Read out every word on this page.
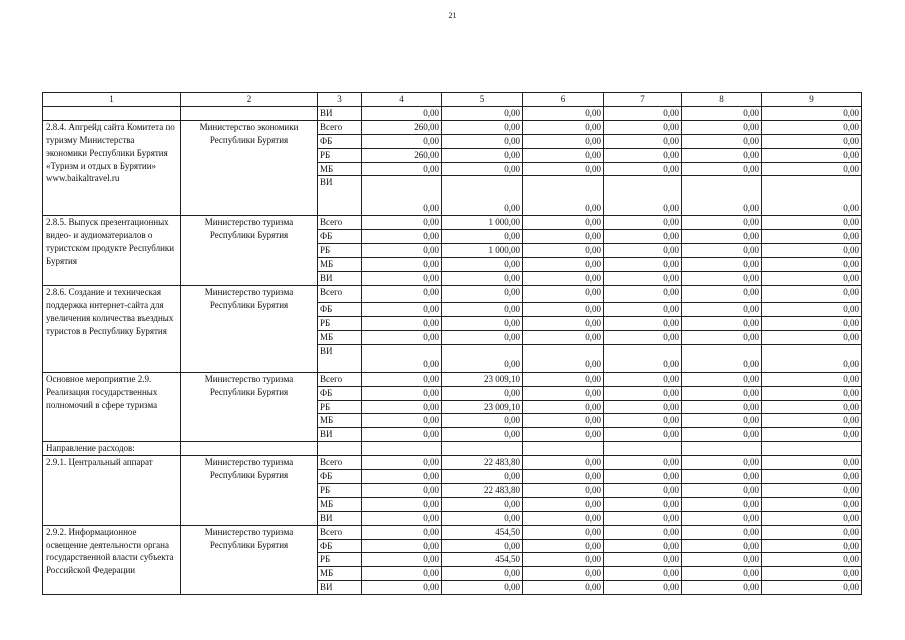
21
1	2	3	4	5	6	7	8	9
		ВИ	0,00	0,00	0,00	0,00	0,00	0,00
2.8.4. Апгрейд сайта Комитета по туризму Министерства экономики Республики Бурятия «Туризм и отдых в Бурятии» www.baikaltravel.ru	Министерство экономики Республики Бурятия	Всего	260,00	0,00	0,00	0,00	0,00	0,00
		ФБ	0,00	0,00	0,00	0,00	0,00	0,00
		РБ	260,00	0,00	0,00	0,00	0,00	0,00
		МБ	0,00	0,00	0,00	0,00	0,00	0,00
		ВИ	0,00	0,00	0,00	0,00	0,00	0,00
2.8.5. Выпуск презентационных видео- и аудиоматериалов о туристском продукте Республики Бурятия	Министерство туризма Республики Бурятия	Всего	0,00	1 000,00	0,00	0,00	0,00	0,00
		ФБ	0,00	0,00	0,00	0,00	0,00	0,00
		РБ	0,00	1 000,00	0,00	0,00	0,00	0,00
		МБ	0,00	0,00	0,00	0,00	0,00	0,00
		ВИ	0,00	0,00	0,00	0,00	0,00	0,00
2.8.6. Создание и техническая поддержка интернет-сайта для увеличения количества въездных туристов в Республику Бурятия	Министерство туризма Республики Бурятия	Всего	0,00	0,00	0,00	0,00	0,00	0,00
		ФБ	0,00	0,00	0,00	0,00	0,00	0,00
		РБ	0,00	0,00	0,00	0,00	0,00	0,00
		МБ	0,00	0,00	0,00	0,00	0,00	0,00
		ВИ	0,00	0,00	0,00	0,00	0,00	0,00
Основное мероприятие 2.9. Реализация государственных полномочий в сфере туризма	Министерство туризма Республики Бурятия	Всего	0,00	23 009,10	0,00	0,00	0,00	0,00
		ФБ	0,00	0,00	0,00	0,00	0,00	0,00
		РБ	0,00	23 009,10	0,00	0,00	0,00	0,00
		МБ	0,00	0,00	0,00	0,00	0,00	0,00
		ВИ	0,00	0,00	0,00	0,00	0,00	0,00
Направление расходов:								
2.9.1. Центральный аппарат	Министерство туризма Республики Бурятия	Всего	0,00	22 483,80	0,00	0,00	0,00	0,00
		ФБ	0,00	0,00	0,00	0,00	0,00	0,00
		РБ	0,00	22 483,80	0,00	0,00	0,00	0,00
		МБ	0,00	0,00	0,00	0,00	0,00	0,00
		ВИ	0,00	0,00	0,00	0,00	0,00	0,00
2.9.2. Информационное освещение деятельности органа государственной власти субъекта Российской Федерации	Министерство туризма Республики Бурятия	Всего	0,00	454,50	0,00	0,00	0,00	0,00
		ФБ	0,00	0,00	0,00	0,00	0,00	0,00
		РБ	0,00	454,50	0,00	0,00	0,00	0,00
		МБ	0,00	0,00	0,00	0,00	0,00	0,00
		ВИ	0,00	0,00	0,00	0,00	0,00	0,00
